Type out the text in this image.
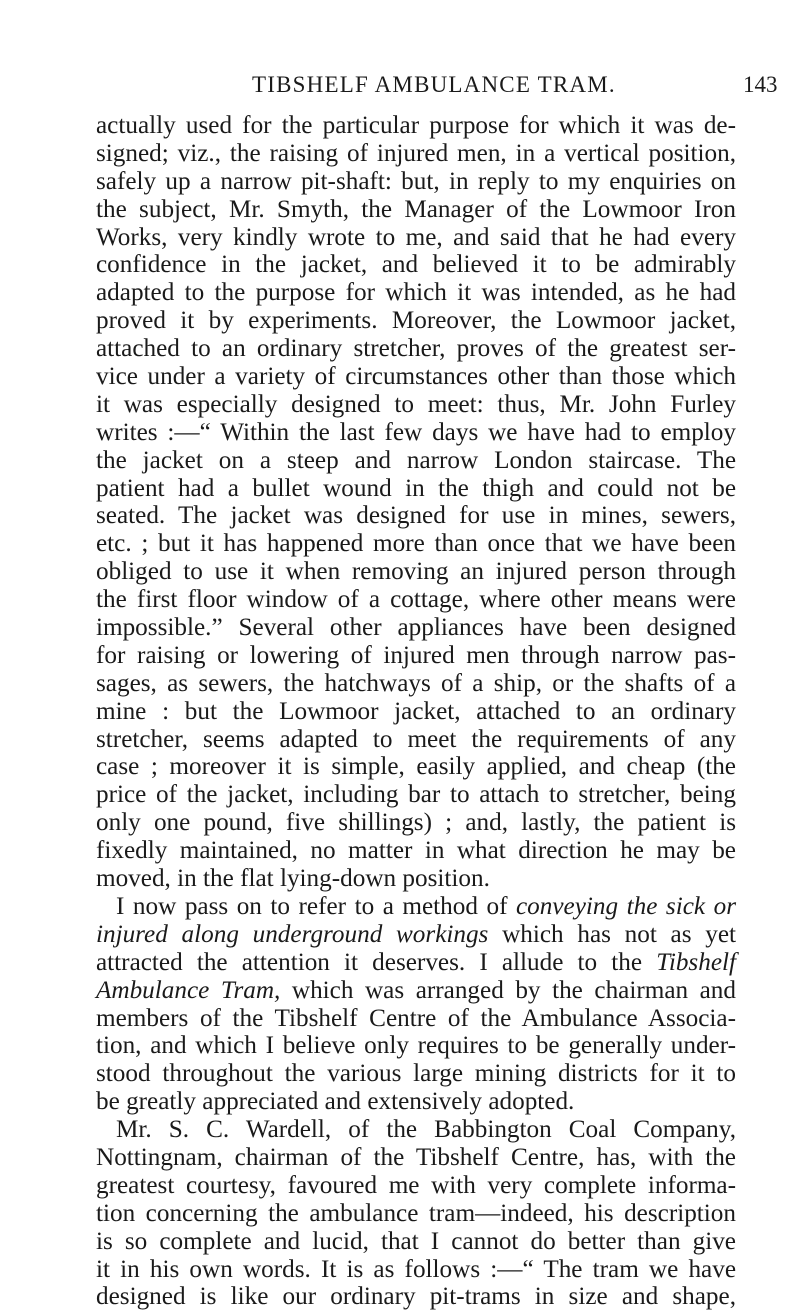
TIBSHELF AMBULANCE TRAM.	143
actually used for the particular purpose for which it was de-
signed; viz., the raising of injured men, in a vertical position,
safely up a narrow pit-shaft: but, in reply to my enquiries on
the subject, Mr. Smyth, the Manager of the Lowmoor Iron
Works, very kindly wrote to me, and said that he had every
confidence in the jacket, and believed it to be admirably
adapted to the purpose for which it was intended, as he had
proved it by experiments. Moreover, the Lowmoor jacket,
attached to an ordinary stretcher, proves of the greatest ser-
vice under a variety of circumstances other than those which
it was especially designed to meet: thus, Mr. John Furley
writes :—“ Within the last few days we have had to employ
the jacket on a steep and narrow London staircase. The
patient had a bullet wound in the thigh and could not be
seated. The jacket was designed for use in mines, sewers,
etc. ; but it has happened more than once that we have been
obliged to use it when removing an injured person through
the first floor window of a cottage, where other means were
impossible.” Several other appliances have been designed
for raising or lowering of injured men through narrow pas-
sages, as sewers, the hatchways of a ship, or the shafts of a
mine : but the Lowmoor jacket, attached to an ordinary
stretcher, seems adapted to meet the requirements of any
case ; moreover it is simple, easily applied, and cheap (the
price of the jacket, including bar to attach to stretcher, being
only one pound, five shillings) ; and, lastly, the patient is
fixedly maintained, no matter in what direction he may be
moved, in the flat lying-down position.
I now pass on to refer to a method of conveying the sick or
injured along underground workings which has not as yet
attracted the attention it deserves. I allude to the Tibshelf
Ambulance Tram, which was arranged by the chairman and
members of the Tibshelf Centre of the Ambulance Associa-
tion, and which I believe only requires to be generally under-
stood throughout the various large mining districts for it to
be greatly appreciated and extensively adopted.
Mr. S. C. Wardell, of the Babbington Coal Company,
Nottingnam, chairman of the Tibshelf Centre, has, with the
greatest courtesy, favoured me with very complete informa-
tion concerning the ambulance tram—indeed, his description
is so complete and lucid, that I cannot do better than give
it in his own words. It is as follows :—“ The tram we have
designed is like our ordinary pit-trams in size and shape,
